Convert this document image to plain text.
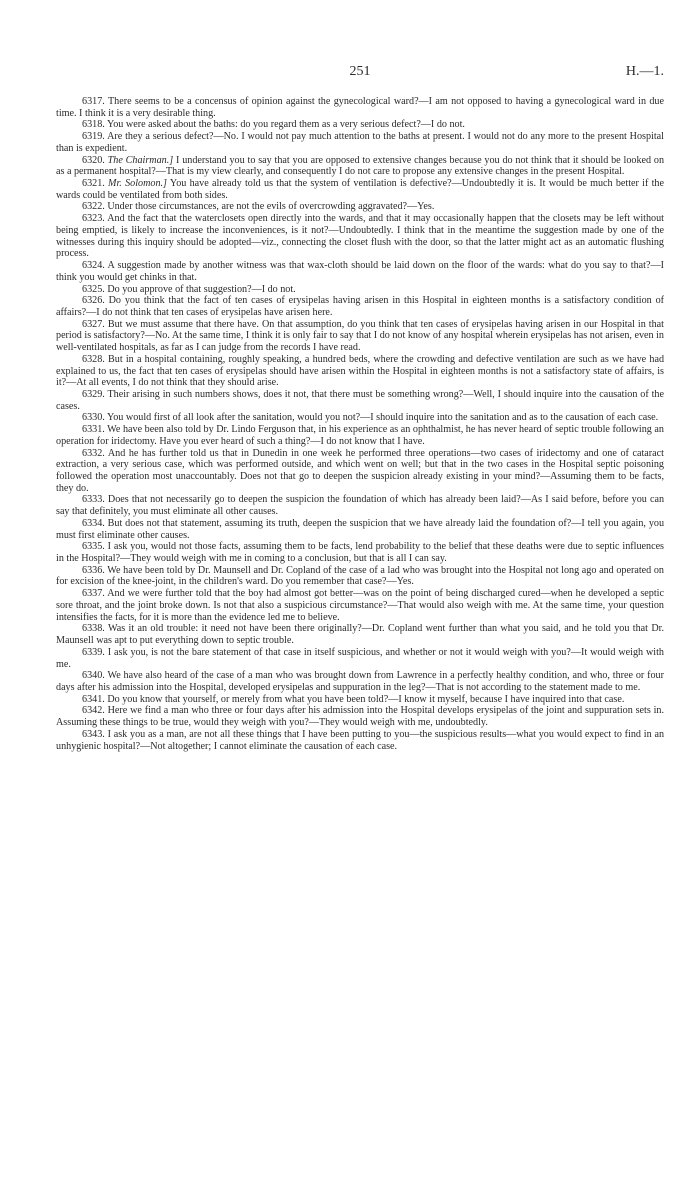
251	H.—1.

6317. There seems to be a concensus of opinion against the gynecological ward?—I am not opposed to having a gynecological ward in due time. I think it is a very desirable thing.

6318. You were asked about the baths: do you regard them as a very serious defect?—I do not.

6319. Are they a serious defect?—No. I would not pay much attention to the baths at present. I would not do any more to the present Hospital than is expedient.

6320. The Chairman.] I understand you to say that you are opposed to extensive changes because you do not think that it should be looked on as a permanent hospital?—That is my view clearly, and consequently I do not care to propose any extensive changes in the present Hospital.

6321. Mr. Solomon.] You have already told us that the system of ventilation is defective?—Undoubtedly it is. It would be much better if the wards could be ventilated from both sides.

6322. Under those circumstances, are not the evils of overcrowding aggravated?—Yes.

6323. And the fact that the waterclosets open directly into the wards, and that it may occasionally happen that the closets may be left without being emptied, is likely to increase the inconveniences, is it not?—Undoubtedly. I think that in the meantime the suggestion made by one of the witnesses during this inquiry should be adopted—viz., connecting the closet flush with the door, so that the latter might act as an automatic flushing process.

6324. A suggestion made by another witness was that wax-cloth should be laid down on the floor of the wards: what do you say to that?—I think you would get chinks in that.

6325. Do you approve of that suggestion?—I do not.

6326. Do you think that the fact of ten cases of erysipelas having arisen in this Hospital in eighteen months is a satisfactory condition of affairs?—I do not think that ten cases of erysipelas have arisen here.

6327. But we must assume that there have. On that assumption, do you think that ten cases of erysipelas having arisen in our Hospital in that period is satisfactory?—No. At the same time, I think it is only fair to say that I do not know of any hospital wherein erysipelas has not arisen, even in well-ventilated hospitals, as far as I can judge from the records I have read.

6328. But in a hospital containing, roughly speaking, a hundred beds, where the crowding and defective ventilation are such as we have had explained to us, the fact that ten cases of erysipelas should have arisen within the Hospital in eighteen months is not a satisfactory state of affairs, is it?—At all events, I do not think that they should arise.

6329. Their arising in such numbers shows, does it not, that there must be something wrong?—Well, I should inquire into the causation of the cases.

6330. You would first of all look after the sanitation, would you not?—I should inquire into the sanitation and as to the causation of each case.

6331. We have been also told by Dr. Lindo Ferguson that, in his experience as an ophthalmist, he has never heard of septic trouble following an operation for iridectomy. Have you ever heard of such a thing?—I do not know that I have.

6332. And he has further told us that in Dunedin in one week he performed three operations—two cases of iridectomy and one of cataract extraction, a very serious case, which was performed outside, and which went on well; but that in the two cases in the Hospital septic poisoning followed the operation most unaccountably. Does not that go to deepen the suspicion already existing in your mind?—Assuming them to be facts, they do.

6333. Does that not necessarily go to deepen the suspicion the foundation of which has already been laid?—As I said before, before you can say that definitely, you must eliminate all other causes.

6334. But does not that statement, assuming its truth, deepen the suspicion that we have already laid the foundation of?—I tell you again, you must first eliminate other causes.

6335. I ask you, would not those facts, assuming them to be facts, lend probability to the belief that these deaths were due to septic influences in the Hospital?—They would weigh with me in coming to a conclusion, but that is all I can say.

6336. We have been told by Dr. Maunsell and Dr. Copland of the case of a lad who was brought into the Hospital not long ago and operated on for excision of the knee-joint, in the children's ward. Do you remember that case?—Yes.

6337. And we were further told that the boy had almost got better—was on the point of being discharged cured—when he developed a septic sore throat, and the joint broke down. Is not that also a suspicious circumstance?—That would also weigh with me. At the same time, your question intensifies the facts, for it is more than the evidence led me to believe.

6338. Was it an old trouble: it need not have been there originally?—Dr. Copland went further than what you said, and he told you that Dr. Maunsell was apt to put everything down to septic trouble.

6339. I ask you, is not the bare statement of that case in itself suspicious, and whether or not it would weigh with you?—It would weigh with me.

6340. We have also heard of the case of a man who was brought down from Lawrence in a perfectly healthy condition, and who, three or four days after his admission into the Hospital, developed erysipelas and suppuration in the leg?—That is not according to the statement made to me.

6341. Do you know that yourself, or merely from what you have been told?—I know it myself, because I have inquired into that case.

6342. Here we find a man who three or four days after his admission into the Hospital develops erysipelas of the joint and suppuration sets in. Assuming these things to be true, would they weigh with you?—They would weigh with me, undoubtedly.

6343. I ask you as a man, are not all these things that I have been putting to you—the suspicious results—what you would expect to find in an unhygienic hospital?—Not altogether; I cannot eliminate the causation of each case.
